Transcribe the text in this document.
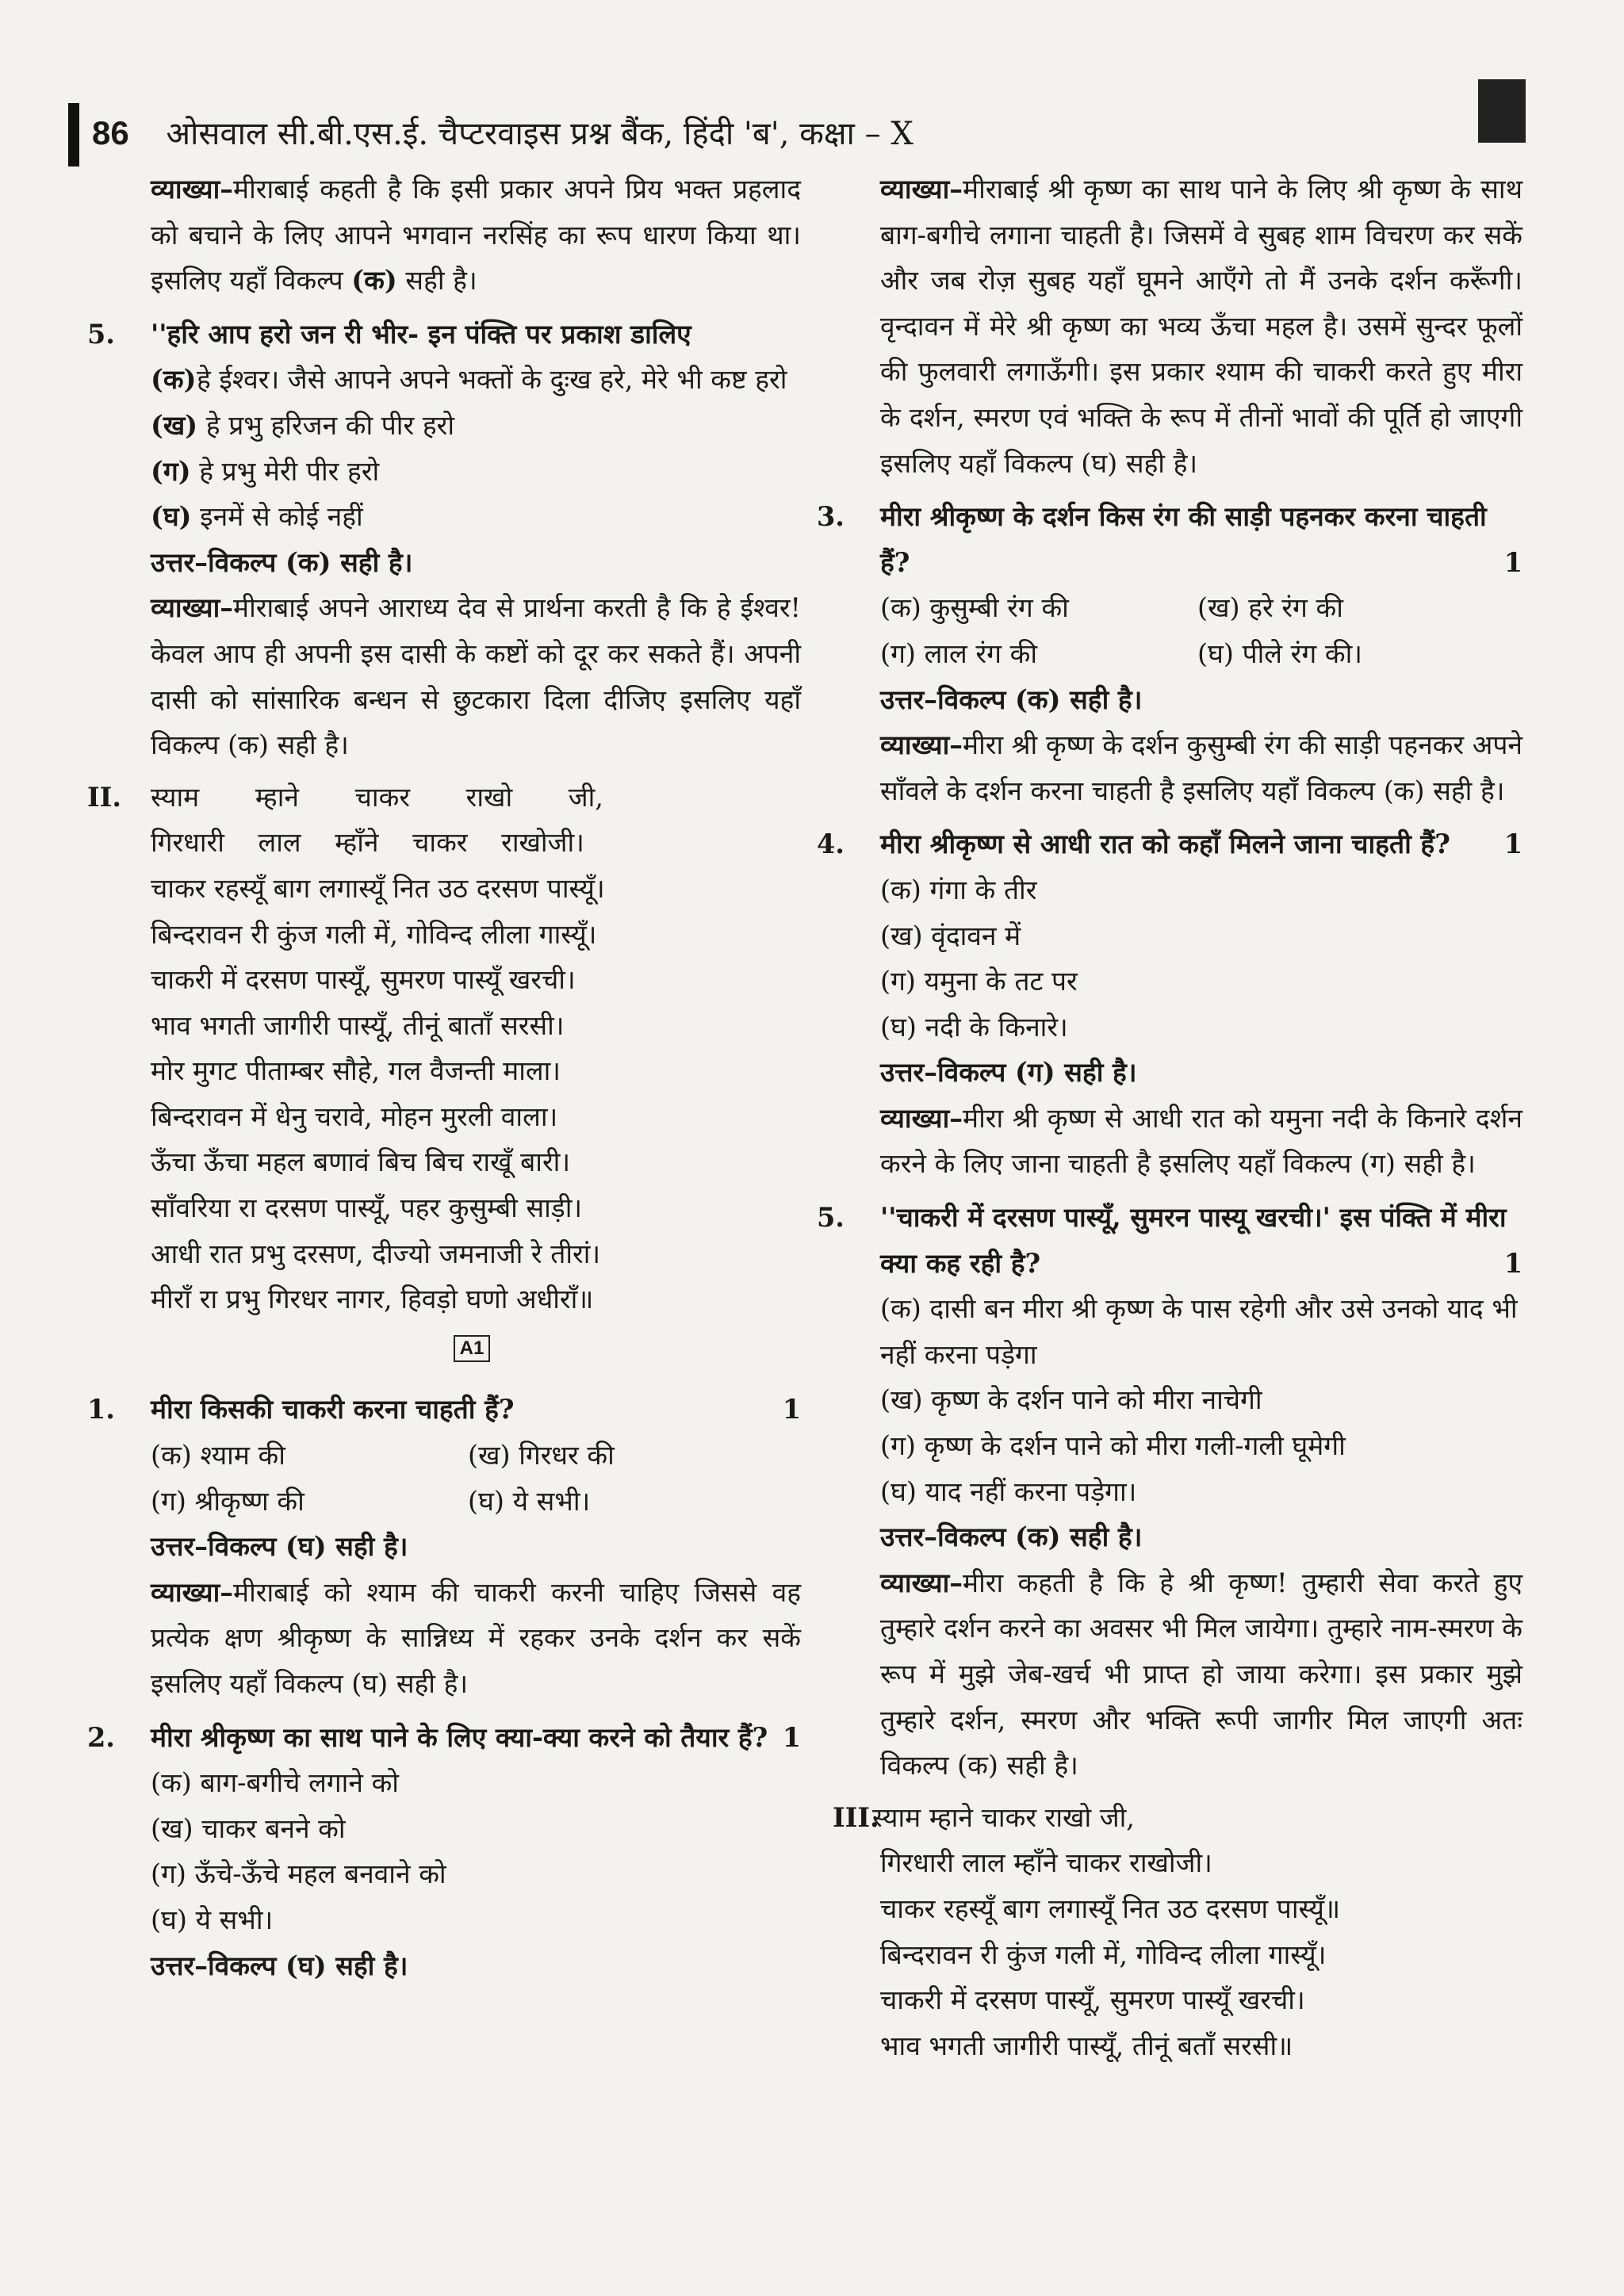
86 ओसवाल सी.बी.एस.ई. चैप्टरवाइस प्रश्न बैंक, हिंदी 'ब', कक्षा – X

व्याख्या–मीराबाई कहती है कि इसी प्रकार अपने प्रिय भक्त प्रहलाद को बचाने के लिए आपने भगवान नरसिंह का रूप धारण किया था। इसलिए यहाँ विकल्प (क) सही है।

5.	''हरि आप हरो जन री भीर- इन पंक्ति पर प्रकाश डालिए
(क) हे ईश्वर। जैसे आपने अपने भक्तों के दुःख हरे, मेरे भी कष्ट हरो
(ख) हे प्रभु हरिजन की पीर हरो
(ग) हे प्रभु मेरी पीर हरो
(घ) इनमें से कोई नहीं
उत्तर–विकल्प (क) सही है।

व्याख्या–मीराबाई अपने आराध्य देव से प्रार्थना करती है कि हे ईश्वर! केवल आप ही अपनी इस दासी के कष्टों को दूर कर सकते हैं। अपनी दासी को सांसारिक बन्धन से छुटकारा दिला दीजिए इसलिए यहाँ विकल्प (क) सही है।

II.	स्याम म्हाने चाकर राखो जी,
गिरधारी लाल म्हाँने चाकर राखोजी।
चाकर रहस्यूँ बाग लगास्यूँ नित उठ दरसण पास्यूँ।
बिन्दरावन री कुंज गली में, गोविन्द लीला गास्यूँ।
चाकरी में दरसण पास्यूँ, सुमरण पास्यूँ खरची।
भाव भगती जागीरी पास्यूँ, तीनूं बाताँ सरसी।
मोर मुगट पीताम्बर सौहे, गल वैजन्ती माला।
बिन्दरावन में धेनु चरावे, मोहन मुरली वाला।
ऊँचा ऊँचा महल बणावं बिच बिच राखूँ बारी।
साँवरिया रा दरसण पास्यूँ, पहर कुसुम्बी साड़ी।
आधी रात प्रभु दरसण, दीज्यो जमनाजी रे तीरां।
मीराँ रा प्रभु गिरधर नागर, हिवड़ो घणो अधीराँ॥
A1
1.	मीरा किसकी चाकरी करना चाहती हैं?	1
(क) श्याम की	(ख) गिरधर की
(ग) श्रीकृष्ण की	(घ) ये सभी।
उत्तर–विकल्प (घ) सही है।

व्याख्या–मीराबाई को श्याम की चाकरी करनी चाहिए जिससे वह प्रत्येक क्षण श्रीकृष्ण के सान्निध्य में रहकर उनके दर्शन कर सकें इसलिए यहाँ विकल्प (घ) सही है।

2.	मीरा श्रीकृष्ण का साथ पाने के लिए क्या-क्या करने को तैयार हैं? 1
(क) बाग-बगीचे लगाने को
(ख) चाकर बनने को
(ग) ऊँचे-ऊँचे महल बनवाने को
(घ) ये सभी।
उत्तर–विकल्प (घ) सही है।

व्याख्या–मीराबाई श्री कृष्ण का साथ पाने के लिए श्री कृष्ण के साथ बाग-बगीचे लगाना चाहती है। जिसमें वे सुबह शाम विचरण कर सकें और जब रोज़ सुबह यहाँ घूमने आएँगे तो मैं उनके दर्शन करूँगी। वृन्दावन में मेरे श्री कृष्ण का भव्य ऊँचा महल है। उसमें सुन्दर फूलों की फुलवारी लगाऊँगी। इस प्रकार श्याम की चाकरी करते हुए मीरा के दर्शन, स्मरण एवं भक्ति के रूप में तीनों भावों की पूर्ति हो जाएगी इसलिए यहाँ विकल्प (घ) सही है।

3.	मीरा श्रीकृष्ण के दर्शन किस रंग की साड़ी पहनकर करना चाहती हैं?	1
(क) कुसुम्बी रंग की	(ख) हरे रंग की
(ग) लाल रंग की	(घ) पीले रंग की।
उत्तर–विकल्प (क) सही है।

व्याख्या–मीरा श्री कृष्ण के दर्शन कुसुम्बी रंग की साड़ी पहनकर अपने साँवले के दर्शन करना चाहती है इसलिए यहाँ विकल्प (क) सही है।

4.	मीरा श्रीकृष्ण से आधी रात को कहाँ मिलने जाना चाहती हैं? 1
(क) गंगा के तीर
(ख) वृंदावन में
(ग) यमुना के तट पर
(घ) नदी के किनारे।
उत्तर–विकल्प (ग) सही है।

व्याख्या–मीरा श्री कृष्ण से आधी रात को यमुना नदी के किनारे दर्शन करने के लिए जाना चाहती है इसलिए यहाँ विकल्प (ग) सही है।

5.	''चाकरी में दरसण पास्यूँ, सुमरन पास्यू खरची।' इस पंक्ति में मीरा क्या कह रही है?	1
(क) दासी बन मीरा श्री कृष्ण के पास रहेगी और उसे उनको याद भी नहीं करना पड़ेगा
(ख) कृष्ण के दर्शन पाने को मीरा नाचेगी
(ग) कृष्ण के दर्शन पाने को मीरा गली-गली घूमेगी
(घ) याद नहीं करना पड़ेगा।
उत्तर–विकल्प (क) सही है।

व्याख्या–मीरा कहती है कि हे श्री कृष्ण! तुम्हारी सेवा करते हुए तुम्हारे दर्शन करने का अवसर भी मिल जायेगा। तुम्हारे नाम-स्मरण के रूप में मुझे जेब-खर्च भी प्राप्त हो जाया करेगा। इस प्रकार मुझे तुम्हारे दर्शन, स्मरण और भक्ति रूपी जागीर मिल जाएगी अतः विकल्प (क) सही है।

III.
स्याम म्हाने चाकर राखो जी,
गिरधारी लाल म्हाँने चाकर राखोजी।
चाकर रहस्यूँ बाग लगास्यूँ नित उठ दरसण पास्यूँ॥
बिन्दरावन री कुंज गली में, गोविन्द लीला गास्यूँ।
चाकरी में दरसण पास्यूँ, सुमरण पास्यूँ खरची।
भाव भगती जागीरी पास्यूँ, तीनूं बताँ सरसी॥
